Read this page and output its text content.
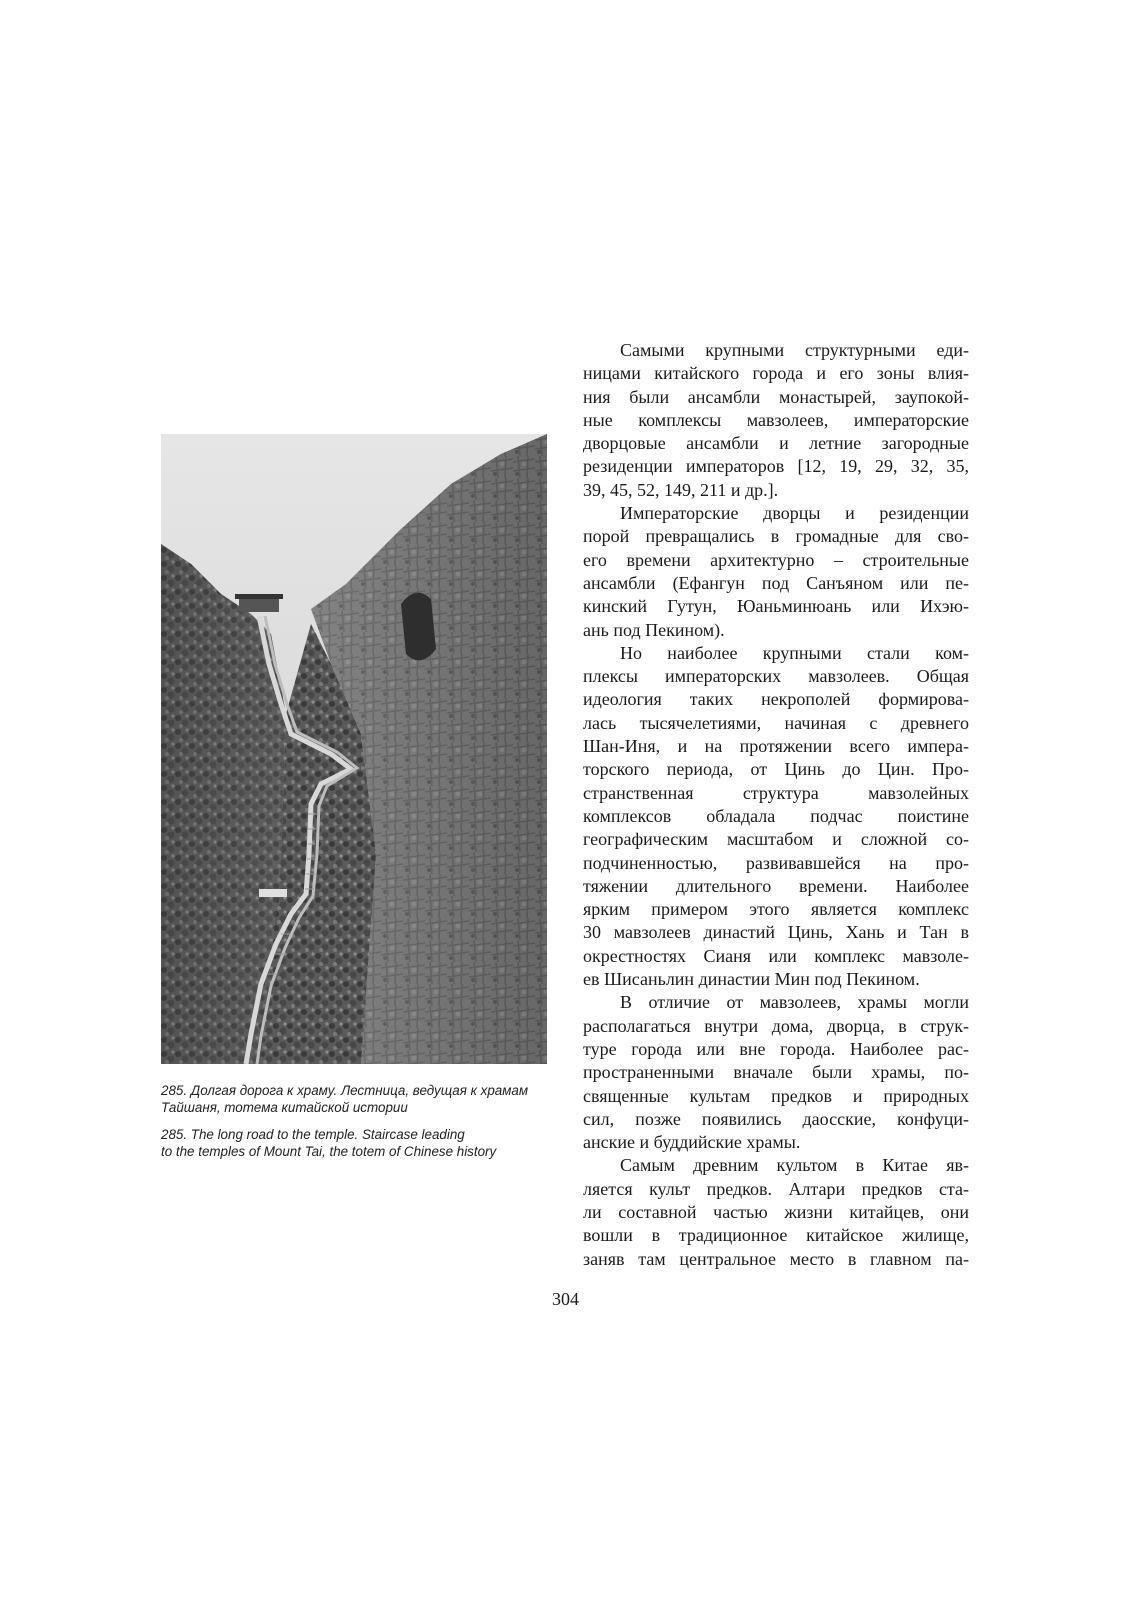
285. Долгая дорога к храму. Лестница, ведущая к храмам
Тайшаня, тотема китайской истории
285. The long road to the temple. Staircase leading
to the temples of Mount Tai, the totem of Chinese history

Самыми крупными структурными еди-
ницами китайского города и его зоны влия-
ния были ансамбли монастырей, заупокой-
ные комплексы мавзолеев, императорские
дворцовые ансамбли и летние загородные
резиденции императоров [12, 19, 29, 32, 35,
39, 45, 52, 149, 211 и др.].

Императорские дворцы и резиденции
порой превращались в громадные для сво-
его времени архитектурно – строительные
ансамбли (Ефангун под Санъяном или пе-
кинский Гутун, Юаньминюань или Ихэю-
ань под Пекином).

Но наиболее крупными стали ком-
плексы императорских мавзолеев. Общая
идеология таких некрополей формирова-
лась тысячелетиями, начиная с древнего
Шан-Иня, и на протяжении всего импера-
торского периода, от Цинь до Цин. Про-
странственная структура мавзолейных
комплексов обладала подчас поистине
географическим масштабом и сложной со-
подчиненностью, развивавшейся на про-
тяжении длительного времени. Наиболее
ярким примером этого является комплекс
30 мавзолеев династий Цинь, Хань и Тан в
окрестностях Сианя или комплекс мавзоле-
ев Шисаньлин династии Мин под Пекином.

В отличие от мавзолеев, храмы могли
располагаться внутри дома, дворца, в струк-
туре города или вне города. Наиболее рас-
пространенными вначале были храмы, по-
священные культам предков и природных
сил, позже появились даосские, конфуци-
анские и буддийские храмы.

Самым древним культом в Китае яв-
ляется культ предков. Алтари предков ста-
ли составной частью жизни китайцев, они
вошли в традиционное китайское жилище,
заняв там центральное место в главном па-

304
